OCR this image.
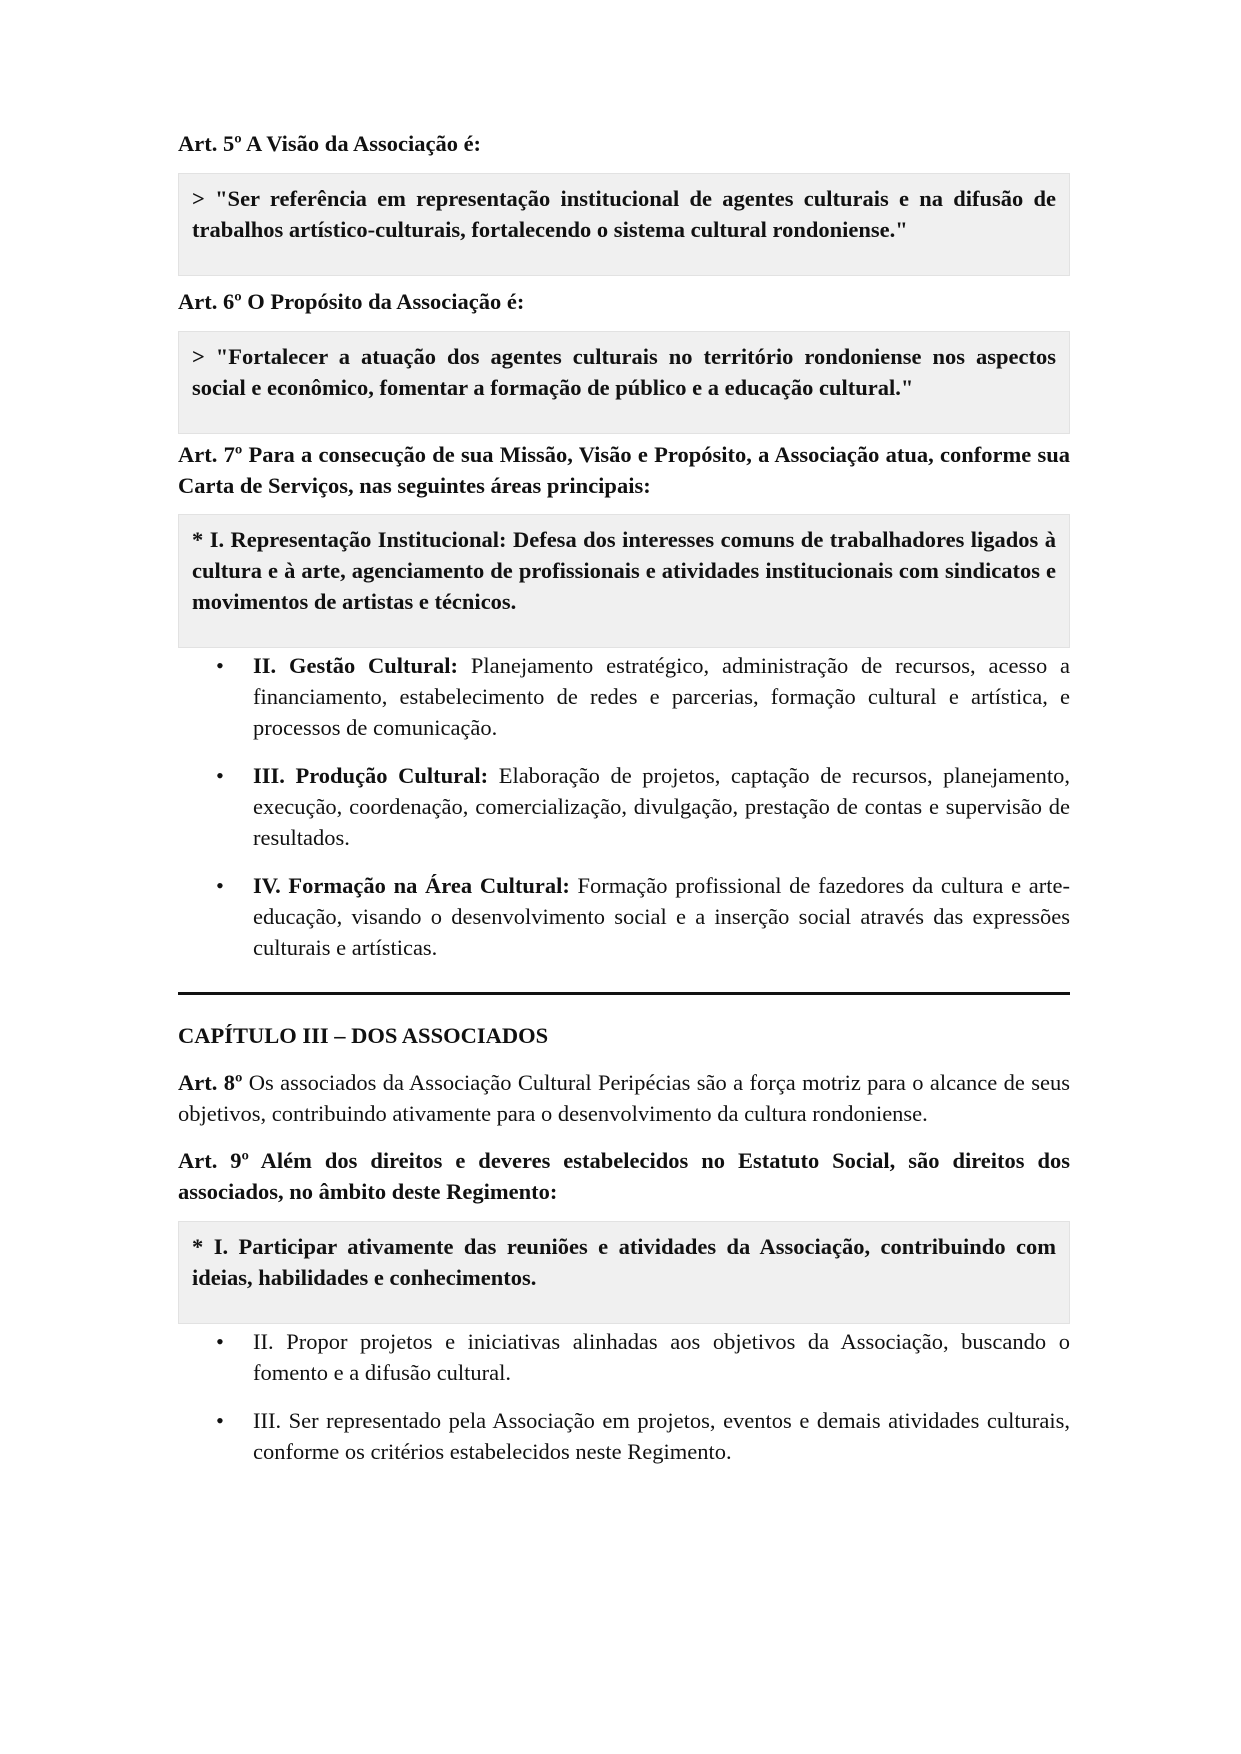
Art. 5º A Visão da Associação é:

> "Ser referência em representação institucional de agentes culturais e na difusão de trabalhos artístico-culturais, fortalecendo o sistema cultural rondoniense."

Art. 6º O Propósito da Associação é:

> "Fortalecer a atuação dos agentes culturais no território rondoniense nos aspectos social e econômico, fomentar a formação de público e a educação cultural."

Art. 7º Para a consecução de sua Missão, Visão e Propósito, a Associação atua, conforme sua Carta de Serviços, nas seguintes áreas principais:

* I. Representação Institucional: Defesa dos interesses comuns de trabalhadores ligados à cultura e à arte, agenciamento de profissionais e atividades institucionais com sindicatos e movimentos de artistas e técnicos.
• II. Gestão Cultural: Planejamento estratégico, administração de recursos, acesso a financiamento, estabelecimento de redes e parcerias, formação cultural e artística, e processos de comunicação.
• III. Produção Cultural: Elaboração de projetos, captação de recursos, planejamento, execução, coordenação, comercialização, divulgação, prestação de contas e supervisão de resultados.
• IV. Formação na Área Cultural: Formação profissional de fazedores da cultura e arte-educação, visando o desenvolvimento social e a inserção social através das expressões culturais e artísticas.

CAPÍTULO III – DOS ASSOCIADOS

Art. 8º Os associados da Associação Cultural Peripécias são a força motriz para o alcance de seus objetivos, contribuindo ativamente para o desenvolvimento da cultura rondoniense.

Art. 9º Além dos direitos e deveres estabelecidos no Estatuto Social, são direitos dos associados, no âmbito deste Regimento:

* I. Participar ativamente das reuniões e atividades da Associação, contribuindo com ideias, habilidades e conhecimentos.
• II. Propor projetos e iniciativas alinhadas aos objetivos da Associação, buscando o fomento e a difusão cultural.
• III. Ser representado pela Associação em projetos, eventos e demais atividades culturais, conforme os critérios estabelecidos neste Regimento.
